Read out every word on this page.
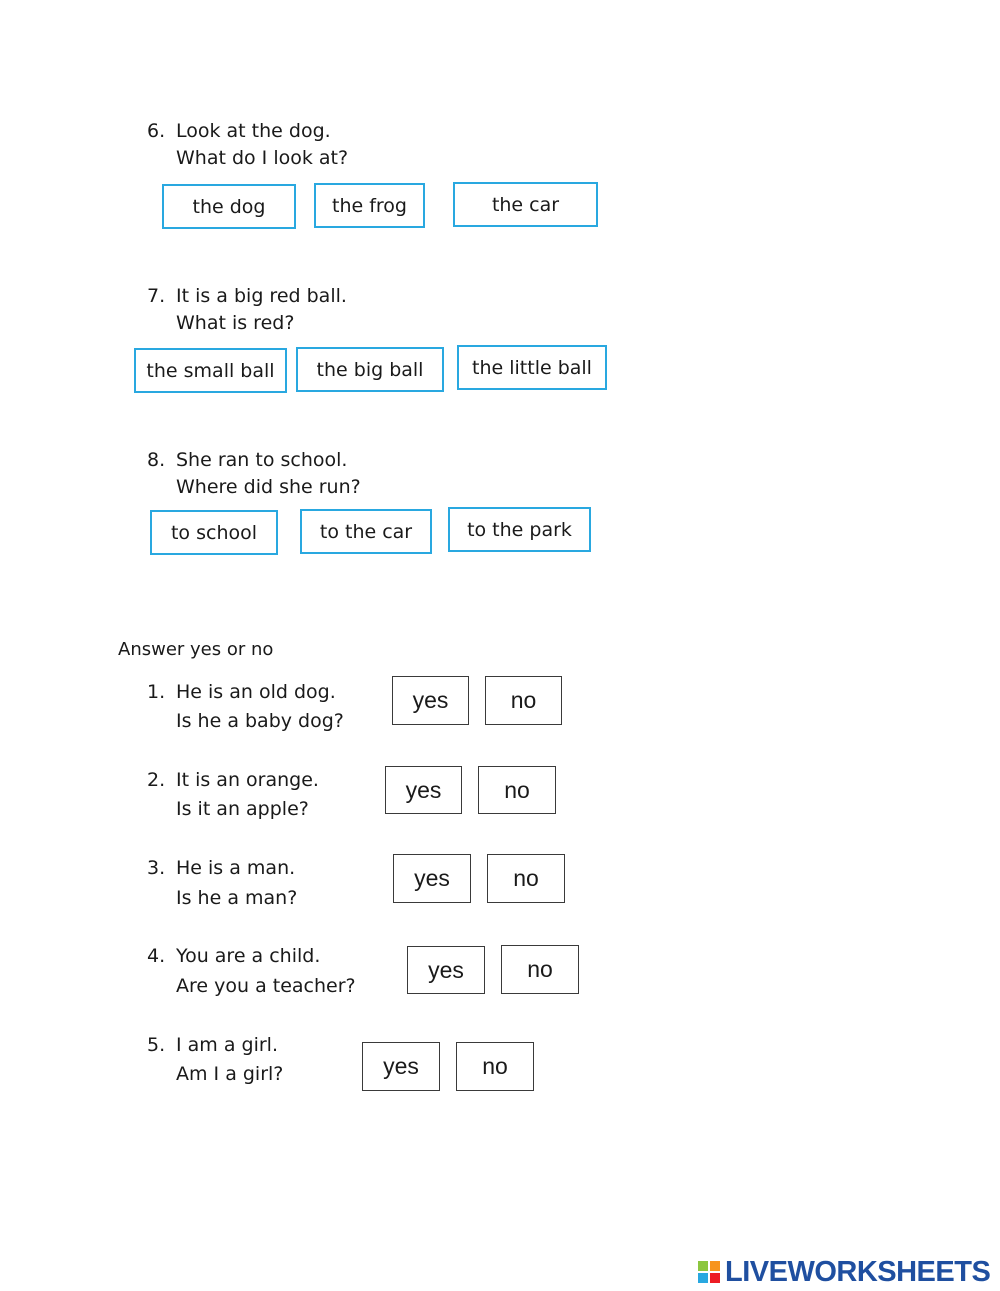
6. Look at the dog.
What do I look at?
the dog	the frog	the car
7. It is a big red ball.
What is red?
the small ball	the big ball	the little ball
8. She ran to school.
Where did she run?
to school	to the car	to the park
Answer yes or no
1. He is an old dog.
Is he a baby dog?
yes	no
2. It is an orange.
Is it an apple?
yes	no
3. He is a man.
Is he a man?
yes	no
4. You are a child.
Are you a teacher?
yes	no
5. I am a girl.
Am I a girl?	yes	no
LIVEWORKSHEETS
